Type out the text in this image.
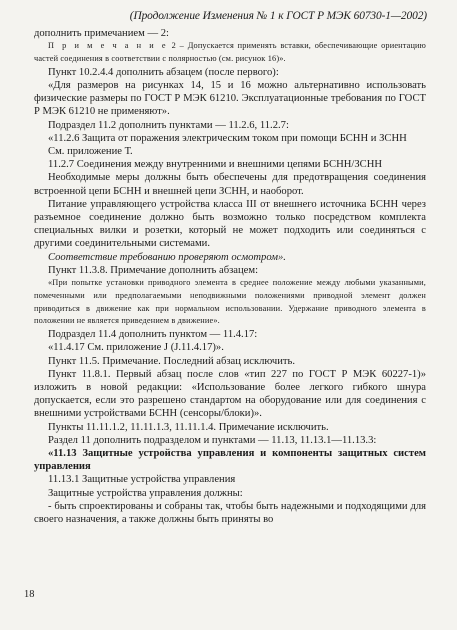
(Продолжение Изменения № 1 к ГОСТ Р МЭК 60730-1—2002)

дополнить примечанием — 2:

П р и м е ч а н и е 2 – Допускается применять вставки, обеспечивающие ориентацию частей соединения в соответствии с полярностью (см. рисунок 16)».

Пункт 10.2.4.4 дополнить абзацем (после первого):

«Для размеров на рисунках 14, 15 и 16 можно альтернативно использовать физические размеры по ГОСТ Р МЭК 61210. Эксплуатационные требования по ГОСТ Р МЭК 61210 не применяют».

Подраздел 11.2 дополнить пунктами — 11.2.6, 11.2.7:

«11.2.6 Защита от поражения электрическим током при помощи БСНН и ЗСНН

См. приложение Т.

11.2.7 Соединения между внутренними и внешними цепями БСНН/ЗСНН

Необходимые меры должны быть обеспечены для предотвращения соединения встроенной цепи БСНН и внешней цепи ЗСНН, и наоборот.

Питание управляющего устройства класса III от внешнего источника БСНН через разъемное соединение должно быть возможно только посредством комплекта специальных вилки и розетки, который не может подходить или соединяться с другими соединительными системами.

Соответствие требованию проверяют осмотром».

Пункт 11.3.8. Примечание дополнить абзацем:

«При попытке установки приводного элемента в среднее положение между любыми указанными, помеченными или предполагаемыми неподвижными положениями приводной элемент должен приводиться в движение как при нормальном использовании. Удержание приводного элемента в положении не является приведением в движение».

Подраздел 11.4 дополнить пунктом — 11.4.17:

«11.4.17 См. приложение J (J.11.4.17)».

Пункт 11.5. Примечание. Последний абзац исключить.

Пункт 11.8.1. Первый абзац после слов «тип 227 по ГОСТ Р МЭК 60227-1)» изложить в новой редакции: «Использование более легкого гибкого шнура допускается, если это разрешено стандартом на оборудование или для соединения с внешними устройствами БСНН (сенсоры/блоки)».

Пункты 11.11.1.2, 11.11.1.3, 11.11.1.4. Примечание исключить.

Раздел 11 дополнить подразделом и пунктами — 11.13, 11.13.1—11.13.3:

«11.13 Защитные устройства управления и компоненты защитных систем управления

11.13.1 Защитные устройства управления

Защитные устройства управления должны:

- быть спроектированы и собраны так, чтобы быть надежными и подходящими для своего назначения, а также должны быть приняты во

18
